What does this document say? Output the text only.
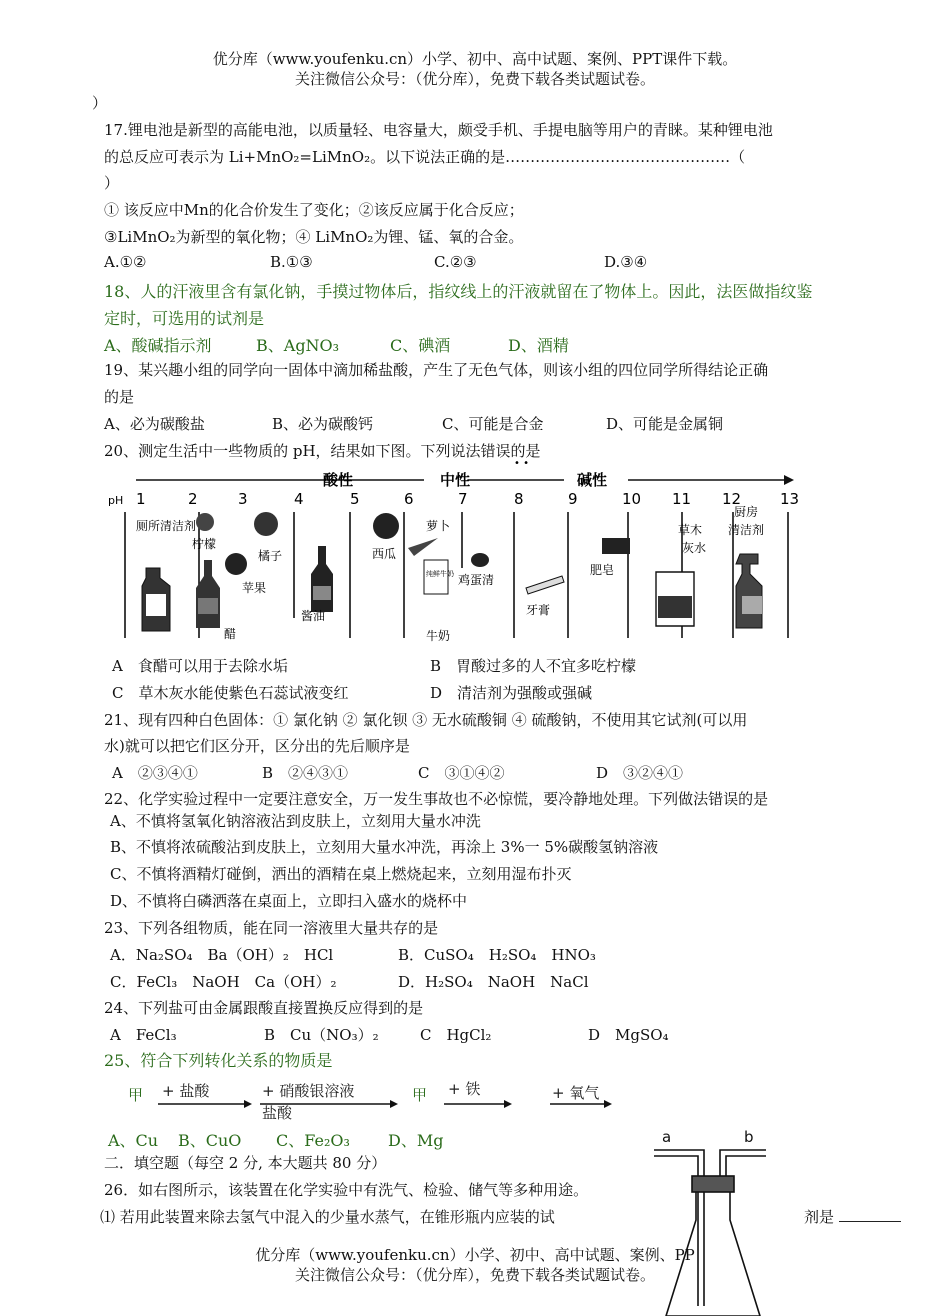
优分库（www.youfenku.cn）小学、初中、高中试题、案例、PPT课件下载。
关注微信公众号：（优分库），免费下载各类试题试卷。
）
17.锂电池是新型的高能电池，以质量轻、电容量大，颇受手机、手提电脑等用户的青睐。某种锂电池
的总反应可表示为 Li+MnO₂=LiMnO₂。以下说法正确的是………………………………………（
）
① 该反应中Mn的化合价发生了变化；②该反应属于化合反应；
③LiMnO₂为新型的氧化物；④ LiMnO₂为锂、锰、氧的合金。
A.①②	B.①③	C.②③	D.③④
18、人的汗液里含有氯化钠，手摸过物体后，指纹线上的汗液就留在了物体上。因此，法医做指纹鉴
定时，可选用的试剂是
A、酸碱指示剂	B、AgNO₃	C、碘酒	D、酒精
19、某兴趣小组的同学向一固体中滴加稀盐酸，产生了无色气体，则该小组的四位同学所得结论正确
的是
A、必为碳酸盐	B、必为碳酸钙	C、可能是合金	D、可能是金属铜
20、测定生活中一些物质的 pH，结果如下图。下列说法错误的是
酸性	中性	碱性
• •
pH 1	2	3	4	5	6	7	8	9	10 11 12	13
厕所清洁剂
柠檬
醋
苹果
橘子
酱油
西瓜
萝卜
纯鲜牛奶
牛奶
鸡蛋清
牙膏
肥皂
草木
灰水
厨房
清洁剂
A　食醋可以用于去除水垢	B　胃酸过多的人不宜多吃柠檬
C　草木灰水能使紫色石蕊试液变红	D　清洁剂为强酸或强碱
21、现有四种白色固体：① 氯化钠 ② 氯化钡 ③ 无水硫酸铜 ④ 硫酸钠，不使用其它试剂(可以用
水)就可以把它们区分开，区分出的先后顺序是
A　②③④①	B　②④③①	C　③①④②	D　③②④①
22、化学实验过程中一定要注意安全，万一发生事故也不必惊慌，要冷静地处理。下列做法错误的是
A、不慎将氢氧化钠溶液沾到皮肤上，立刻用大量水冲洗
B、不慎将浓硫酸沾到皮肤上，立刻用大量水冲洗，再涂上 3%一 5%碳酸氢钠溶液
C、不慎将酒精灯碰倒，洒出的酒精在桌上燃烧起来，立刻用湿布扑灭
D、不慎将白磷洒落在桌面上，立即扫入盛水的烧杯中
23、下列各组物质，能在同一溶液里大量共存的是
A．Na₂SO₄　Ba（OH）₂　HCl	B．CuSO₄　H₂SO₄　HNO₃
C．FeCl₃　NaOH　Ca（OH）₂	D．H₂SO₄　NaOH　NaCl
24、下列盐可由金属跟酸直接置换反应得到的是
A　FeCl₃	B　Cu（NO₃）₂	C　HgCl₂	D　MgSO₄
25、符合下列转化关系的物质是
甲 + 盐酸	+ 硝酸银溶液
盐酸
甲 + 铁	+ 氧气
A、Cu B、CuO C、Fe₂O₃ D、Mg
二．填空题（每空 2 分, 本大题共 80 分）
26．如右图所示，该装置在化学实验中有洗气、检验、储气等多种用途。
⑴ 若用此装置来除去氢气中混入的少量水蒸气，在锥形瓶内应装的试	剂是
a	b
优分库（www.youfenku.cn）小学、初中、高中试题、案例、PP
关注微信公众号：（优分库），免费下载各类试题试卷。
